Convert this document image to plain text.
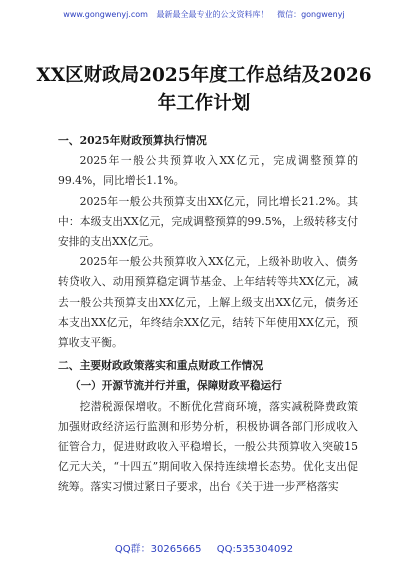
www.gongwenyj.com 最新最全最专业的公文资料库！ 微信：gongwenyj
XX区财政局2025年度工作总结及2026年工作计划
一、2025年财政预算执行情况

2025年一般公共预算收入XX亿元，完成调整预算的99.4%，同比增长1.1%。

2025年一般公共预算支出XX亿元，同比增长21.2%。其中：本级支出XX亿元，完成调整预算的99.5%，上级转移支付安排的支出XX亿元。

2025年一般公共预算收入XX亿元，上级补助收入、债务转贷收入、动用预算稳定调节基金、上年结转等共XX亿元，减去一般公共预算支出XX亿元，上解上级支出XX亿元，债务还本支出XX亿元，年终结余XX亿元，结转下年使用XX亿元，预算收支平衡。

二、主要财政政策落实和重点财政工作情况
（一）开源节流并行并重，保障财政平稳运行

挖潜税源保增收。不断优化营商环境，落实减税降费政策加强财政经济运行监测和形势分析，积极协调各部门形成收入征管合力，促进财政收入平稳增长，一般公共预算收入突破15亿元大关，“十四五”期间收入保持连续增长态势。优化支出促统筹。落实习惯过紧日子要求，出台《关于进一步严格落实

QQ群：30265665 QQ:535304092
